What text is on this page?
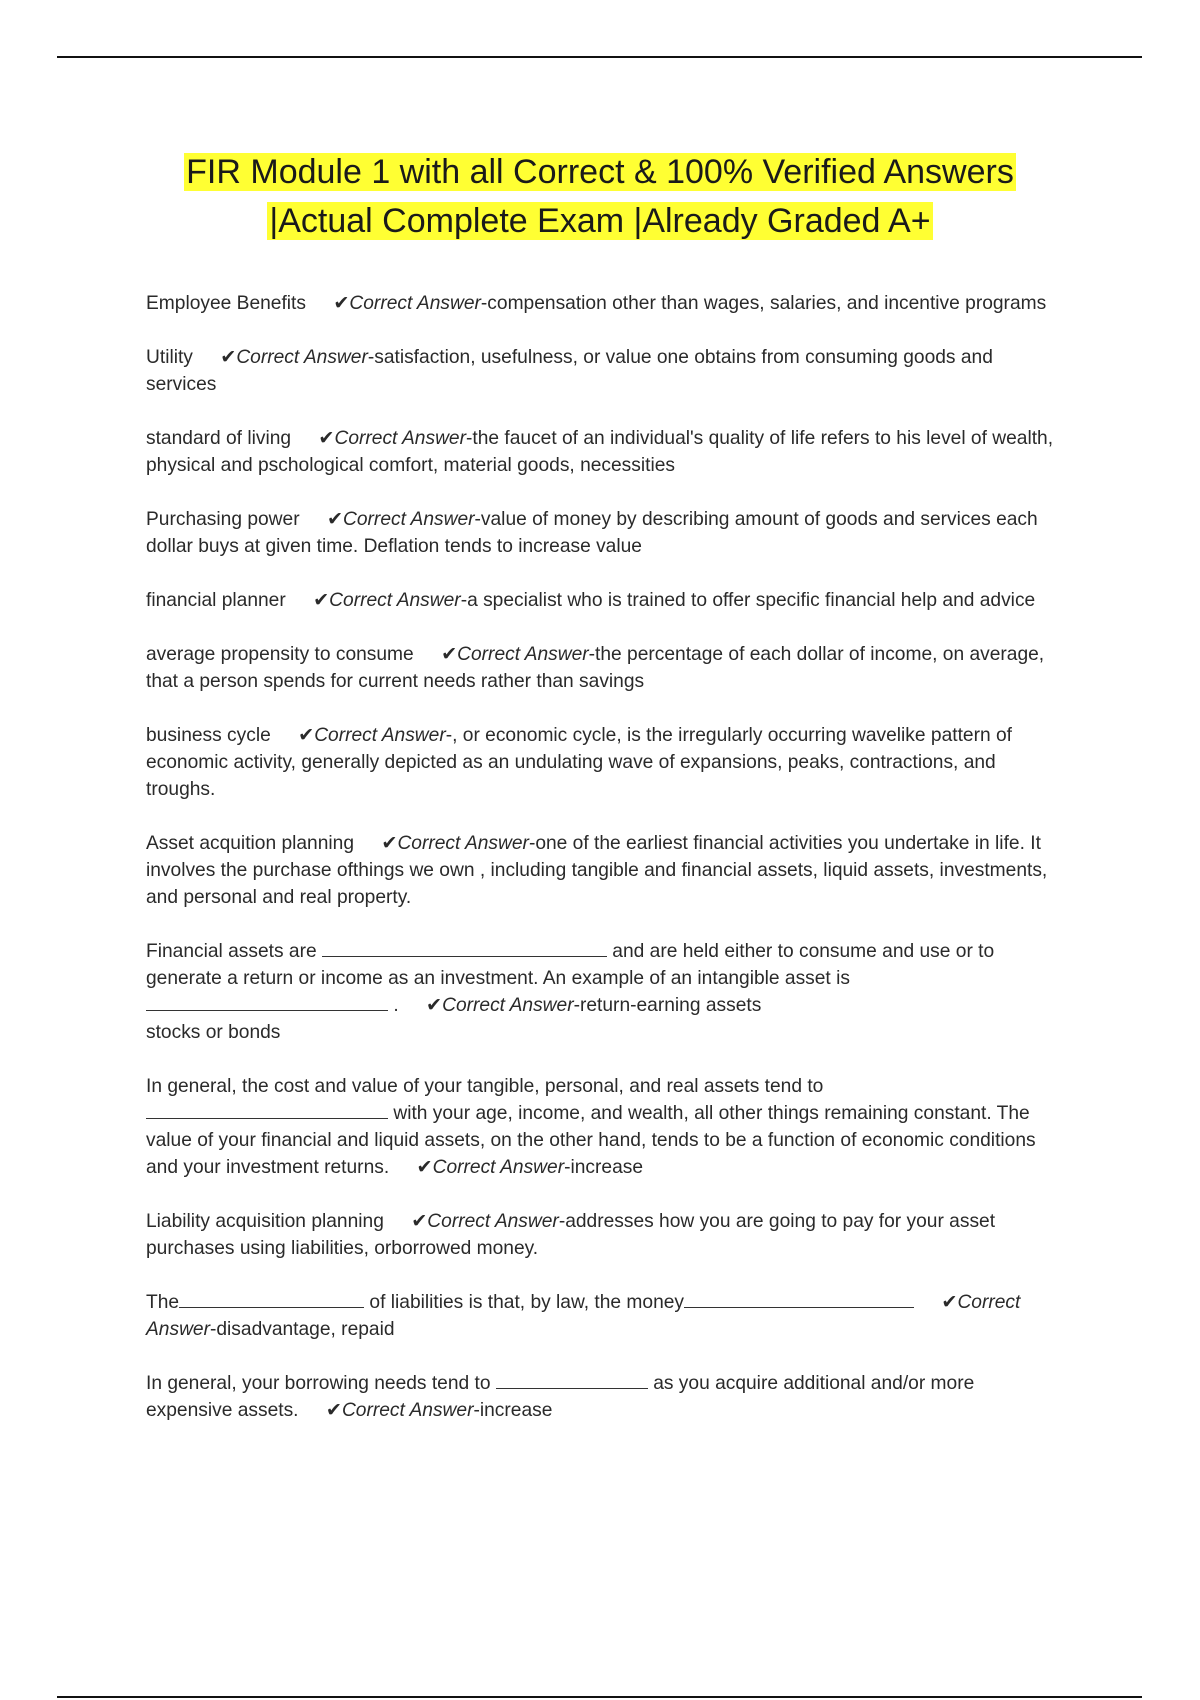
FIR Module 1 with all Correct & 100% Verified Answers
|Actual Complete Exam |Already Graded A+
Employee Benefits ✔Correct Answer-compensation other than wages, salaries, and incentive programs
Utility ✔Correct Answer-satisfaction, usefulness, or value one obtains from consuming goods and services
standard of living ✔Correct Answer-the faucet of an individual's quality of life refers to his level of wealth, physical and pschological comfort, material goods, necessities
Purchasing power ✔Correct Answer-value of money by describing amount of goods and services each dollar buys at given time. Deflation tends to increase value
financial planner ✔Correct Answer-a specialist who is trained to offer specific financial help and advice
average propensity to consume ✔Correct Answer-the percentage of each dollar of income, on average, that a person spends for current needs rather than savings
business cycle ✔Correct Answer-, or economic cycle, is the irregularly occurring wavelike pattern of economic activity, generally depicted as an undulating wave of expansions, peaks, contractions, and troughs.
Asset acquition planning ✔Correct Answer-one of the earliest financial activities you undertake in life. It involves the purchase ofthings we own , including tangible and financial assets, liquid assets, investments, and personal and real property.
Financial assets are	and are held either to consume and use or to generate a return or income as an investment. An example of an intangible asset is
. ✔Correct Answer-return-earning assets
stocks or bonds
In general, the cost and value of your tangible, personal, and real assets tend to
with your age, income, and wealth, all other things remaining constant. The value of your financial and liquid assets, on the other hand, tends to be a function of economic conditions and your investment returns. ✔Correct Answer-increase
Liability acquisition planning ✔Correct Answer-addresses how you are going to pay for your asset purchases using liabilities, orborrowed money.
The	of liabilities is that, by law, the money	✔Correct Answer-disadvantage, repaid
In general, your borrowing needs tend to	as you acquire additional and/or more expensive assets. ✔Correct Answer-increase
